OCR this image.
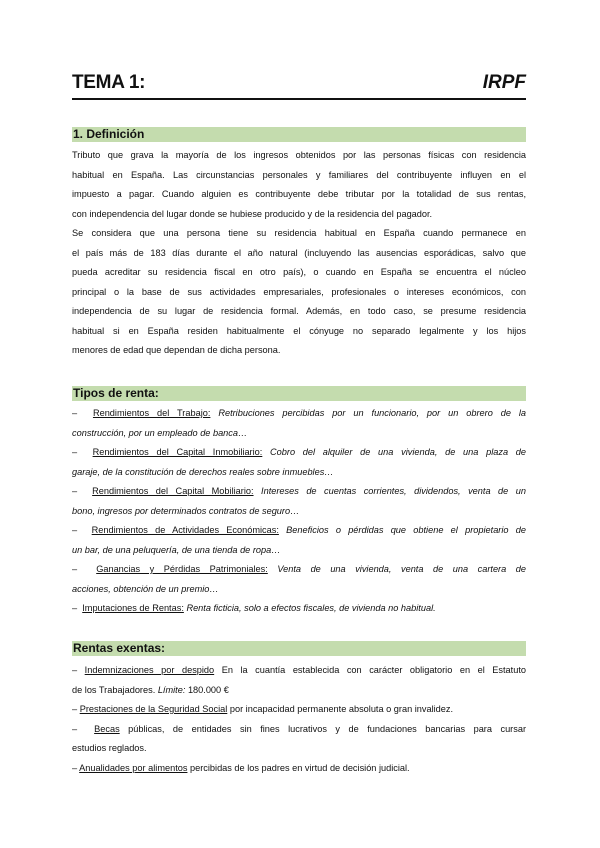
TEMA 1:	IRPF
1. Definición
Tributo que grava la mayoría de los ingresos obtenidos por las personas físicas con residencia
habitual en España. Las circunstancias personales y familiares del contribuyente influyen en el
impuesto a pagar. Cuando alguien es contribuyente debe tributar por la totalidad de sus rentas,
con independencia del lugar donde se hubiese producido y de la residencia del pagador.
Se considera que una persona tiene su residencia habitual en España cuando permanece en
el país más de 183 días durante el año natural (incluyendo las ausencias esporádicas, salvo que
pueda acreditar su residencia fiscal en otro país), o cuando en España se encuentra el núcleo
principal o la base de sus actividades empresariales, profesionales o intereses económicos, con
independencia de su lugar de residencia formal. Además, en todo caso, se presume residencia
habitual si en España residen habitualmente el cónyuge no separado legalmente y los hijos
menores de edad que dependan de dicha persona.
Tipos de renta:
– Rendimientos del Trabajo: Retribuciones percibidas por un funcionario, por un obrero de la
construcción, por un empleado de banca…
– Rendimientos del Capital Inmobiliario: Cobro del alquiler de una vivienda, de una plaza de
garaje, de la constitución de derechos reales sobre inmuebles…
– Rendimientos del Capital Mobiliario: Intereses de cuentas corrientes, dividendos, venta de un
bono, ingresos por determinados contratos de seguro…
– Rendimientos de Actividades Económicas: Beneficios o pérdidas que obtiene el propietario de
un bar, de una peluquería, de una tienda de ropa…
– Ganancias y Pérdidas Patrimoniales: Venta de una vivienda, venta de una cartera de
acciones, obtención de un premio…
– Imputaciones de Rentas: Renta ficticia, solo a efectos fiscales, de vivienda no habitual.
Rentas exentas:
– Indemnizaciones por despido En la cuantía establecida con carácter obligatorio en el Estatuto
de los Trabajadores. Límite: 180.000 €
– Prestaciones de la Seguridad Social por incapacidad permanente absoluta o gran invalidez.
– Becas públicas, de entidades sin fines lucrativos y de fundaciones bancarias para cursar
estudios reglados.
– Anualidades por alimentos percibidas de los padres en virtud de decisión judicial.
